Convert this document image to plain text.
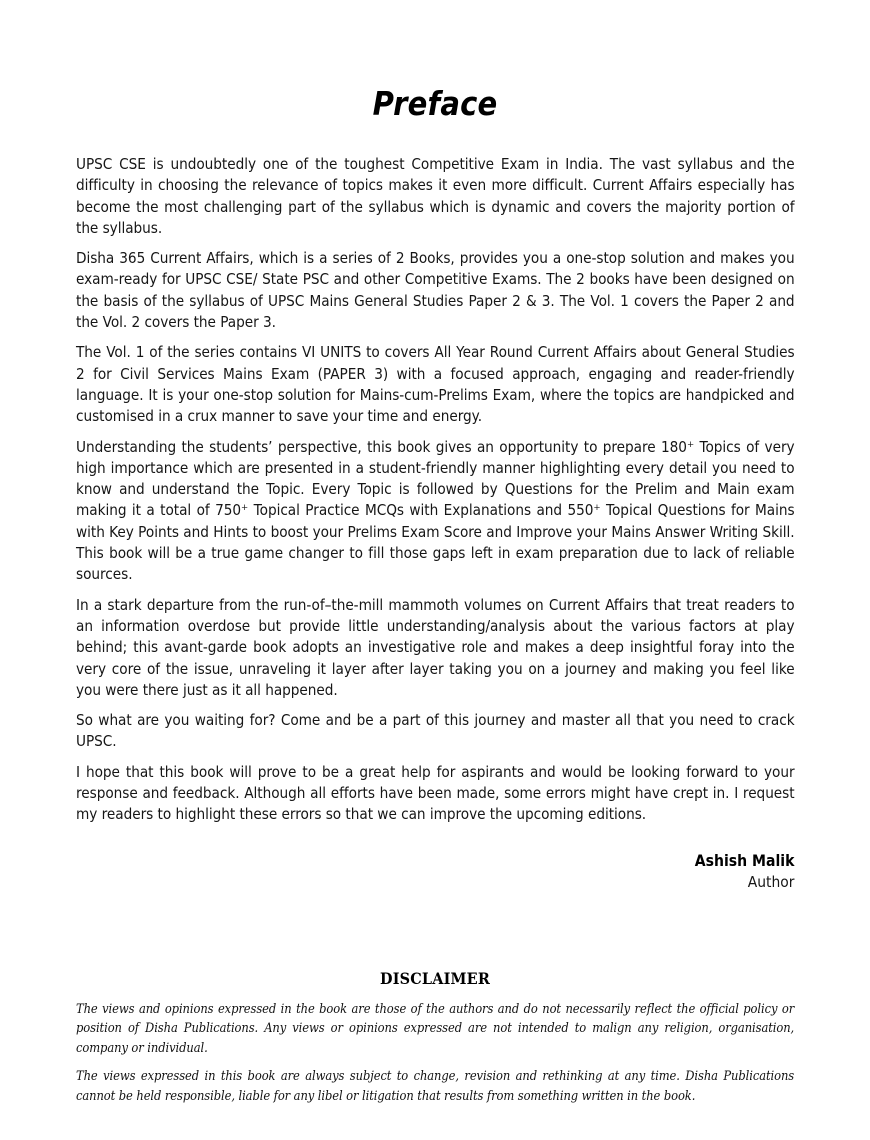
Preface

UPSC CSE is undoubtedly one of the toughest Competitive Exam in India. The vast syllabus and the difficulty in choosing the relevance of topics makes it even more difficult. Current Affairs especially has become the most challenging part of the syllabus which is dynamic and covers the majority portion of the syllabus.

Disha 365 Current Affairs, which is a series of 2 Books, provides you a one-stop solution and makes you exam-ready for UPSC CSE/ State PSC and other Competitive Exams. The 2 books have been designed on the basis of the syllabus of UPSC Mains General Studies Paper 2 & 3. The Vol. 1 covers the Paper 2 and the Vol. 2 covers the Paper 3.

The Vol. 1 of the series contains VI UNITS to covers All Year Round Current Affairs about General Studies 2 for Civil Services Mains Exam (PAPER 3) with a focused approach, engaging and reader-friendly language. It is your one-stop solution for Mains-cum-Prelims Exam, where the topics are handpicked and customised in a crux manner to save your time and energy.

Understanding the students’ perspective, this book gives an opportunity to prepare 180⁺ Topics of very high importance which are presented in a student-friendly manner highlighting every detail you need to know and understand the Topic. Every Topic is followed by Questions for the Prelim and Main exam making it a total of 750⁺ Topical Practice MCQs with Explanations and 550⁺ Topical Questions for Mains with Key Points and Hints to boost your Prelims Exam Score and Improve your Mains Answer Writing Skill. This book will be a true game changer to fill those gaps left in exam preparation due to lack of reliable sources.

In a stark departure from the run-of–the-mill mammoth volumes on Current Affairs that treat readers to an information overdose but provide little understanding/analysis about the various factors at play behind; this avant-garde book adopts an investigative role and makes a deep insightful foray into the very core of the issue, unraveling it layer after layer taking you on a journey and making you feel like you were there just as it all happened.

So what are you waiting for? Come and be a part of this journey and master all that you need to crack UPSC.

I hope that this book will prove to be a great help for aspirants and would be looking forward to your response and feedback. Although all efforts have been made, some errors might have crept in. I request my readers to highlight these errors so that we can improve the upcoming editions.

Ashish Malik
Author
DISCLAIMER

The views and opinions expressed in the book are those of the authors and do not necessarily reflect the official policy or position of Disha Publications. Any views or opinions expressed are not intended to malign any religion, organisation, company or individual.

The views expressed in this book are always subject to change, revision and rethinking at any time. Disha Publications cannot be held responsible, liable for any libel or litigation that results from something written in the book.
